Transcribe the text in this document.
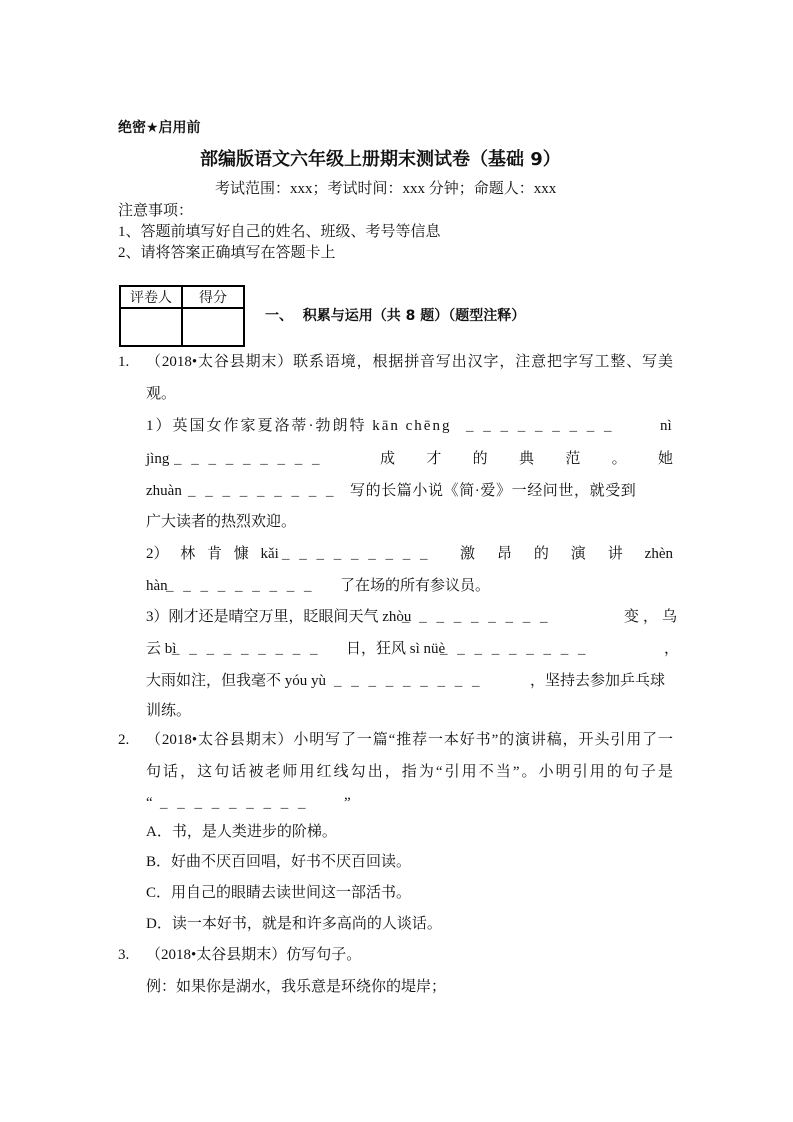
绝密★启用前
部编版语文六年级上册期末测试卷（基础 9）
考试范围：xxx；考试时间：xxx 分钟；命题人：xxx
注意事项：
1、答题前填写好自己的姓名、班级、考号等信息
2、请将答案正确填写在答题卡上
评卷人	得分

一、  积累与运用（共 8 题）（题型注释）
1. （2018•太谷县期末）联系语境，根据拼音写出汉字，注意把字写工整、写美
观。
1）英国女作家夏洛蒂·勃朗特 kān chēng _ _ _ _ _ _ _ _ _	nì
jìng _ _ _ _ _ _ _ _ _	成 才 的 典 范 。 她
zhuàn _ _ _ _ _ _ _ _ _ 写的长篇小说《简·爱》一经问世，就受到
广大读者的热烈欢迎。
2） 林 肯 慷 kǎi _ _ _ _ _ _ _ _ _ 激 昂 的 演 讲 zhèn
hàn
_ _ _ _ _ _ _ _ _ 了在场的所有参议员。
3）刚才还是晴空万里，眨眼间天气 zhòu
_ _ _ _ _ _ _ _ _	变，乌
云 bì
_ _ _ _ _ _ _ _ _ 日，狂风 sì nüè
_ _ _ _ _ _ _ _ _	，
大雨如注，但我毫不 yóu yù _ _ _ _ _ _ _ _ _	，坚持去参加乒乓球
训练。
2. （2018•太谷县期末）小明写了一篇“推荐一本好书”的演讲稿，开头引用了一
句话，这句话被老师用红线勾出，指为“引用不当”。小明引用的句子是
“ _ _ _ _ _ _ _ _ _ ”
A．书，是人类进步的阶梯。
B．好曲不厌百回唱，好书不厌百回读。
C．用自己的眼睛去读世间这一部活书。
D．读一本好书，就是和许多高尚的人谈话。
3. （2018•太谷县期末）仿写句子。
例：如果你是湖水，我乐意是环绕你的堤岸；
